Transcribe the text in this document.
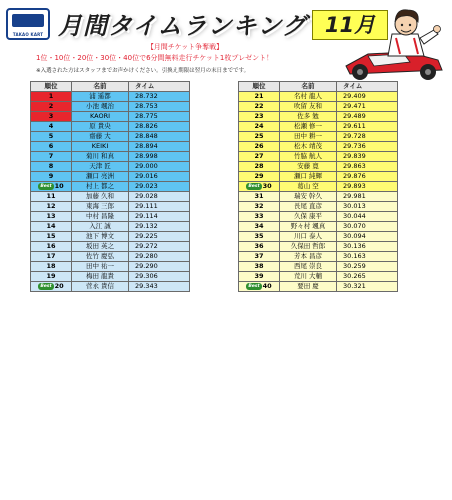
TAKAO KART 月間タイムランキング 11月
【月間チケット争奪戦】
1位・10位・20位・30位・40位で6分間無料走行チケット1枚プレゼント！
※入選された方はスタッフまでお声かけください。引換え期限は翌月の末日までです。
順位	名前	タイム
1	浦 遥都	28.732
2	小池 颯治	28.753
3	KAORI	28.775
4	原 貴央	28.826
5	齋藤 大	28.848
6	KEIKI	28.894
7	菊川 和真	28.998
8	天津 匠	29.000
9	瀬口 亮洲	29.016
Best 10	村上 都之	29.023
11	加藤 久和	29.028
12	東海 三郎	29.111
13	中村 昌隆	29.114
14	入江 誠	29.132
15	池下 博文	29.225
16	坂田 英之	29.272
17	佐竹 慶弘	29.280
18	田中 祐一	29.290
19	梅田 龍貴	29.306
Best 20	菅永 貴信	29.343
順位	名前	タイム
21	名村 龍人	29.409
22	吹留 友和	29.471
23	佐多 勉	29.489
24	松瀬 修一	29.611
25	田中 耕一	29.728
26	松木 靖茂	29.736
27	竹脇 航人	29.839
28	安藤 寛	29.863
29	瀬口 純輝	29.876
Best 30	葛山 空	29.893
31	瑞安 幹久	29.981
32	長尾 直彦	30.013
33	久保 康平	30.044
34	野々村 颯真	30.070
35	川口 泰人	30.094
36	久保田 哲郎	30.136
37	芳本 昌彦	30.163
38	西尾 崇良	30.259
39	荒川 大輔	30.265
Best 40	要田 慶	30.321
